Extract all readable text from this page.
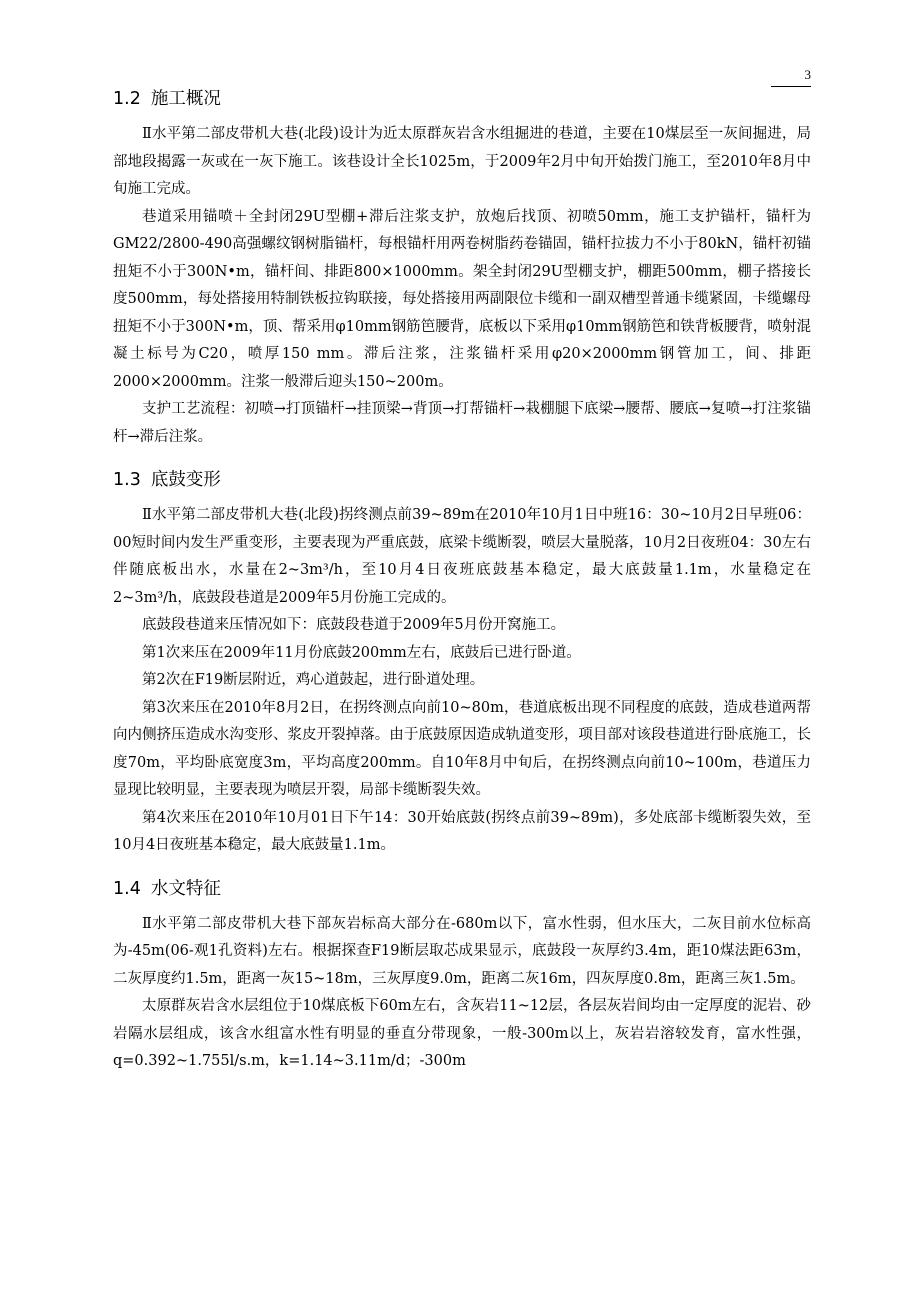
3
1.2 施工概况

Ⅱ水平第二部皮带机大巷(北段)设计为近太原群灰岩含水组掘进的巷道，主要在10煤层至一灰间掘进，局部地段揭露一灰或在一灰下施工。该巷设计全长1025m，于2009年2月中旬开始拨门施工，至2010年8月中旬施工完成。

巷道采用锚喷＋全封闭29U型棚+滞后注浆支护，放炮后找顶、初喷50mm，施工支护锚杆，锚杆为GM22/2800-490高强螺纹钢树脂锚杆，每根锚杆用两卷树脂药卷锚固，锚杆拉拔力不小于80kN，锚杆初锚扭矩不小于300N•m，锚杆间、排距800×1000mm。架全封闭29U型棚支护，棚距500mm，棚子搭接长度500mm，每处搭接用特制铁板拉钩联接，每处搭接用两副限位卡缆和一副双槽型普通卡缆紧固，卡缆螺母扭矩不小于300N•m，顶、帮采用φ10mm钢筋笆腰背，底板以下采用φ10mm钢筋笆和铁背板腰背，喷射混凝土标号为C20，喷厚150 mm。滞后注浆，注浆锚杆采用φ20×2000mm钢管加工，间、排距2000×2000mm。注浆一般滞后迎头150~200m。

支护工艺流程：初喷→打顶锚杆→挂顶梁→背顶→打帮锚杆→栽棚腿下底梁→腰帮、腰底→复喷→打注浆锚杆→滞后注浆。

1.3 底鼓变形

Ⅱ水平第二部皮带机大巷(北段)拐终测点前39~89m在2010年10月1日中班16：30~10月2日早班06：00短时间内发生严重变形，主要表现为严重底鼓，底梁卡缆断裂，喷层大量脱落，10月2日夜班04：30左右伴随底板出水，水量在2~3m³/h，至10月4日夜班底鼓基本稳定，最大底鼓量1.1m，水量稳定在2~3m³/h，底鼓段巷道是2009年5月份施工完成的。

底鼓段巷道来压情况如下：底鼓段巷道于2009年5月份开窝施工。

第1次来压在2009年11月份底鼓200mm左右，底鼓后已进行卧道。

第2次在F19断层附近，鸡心道鼓起，进行卧道处理。

第3次来压在2010年8月2日，在拐终测点向前10~80m，巷道底板出现不同程度的底鼓，造成巷道两帮向内侧挤压造成水沟变形、浆皮开裂掉落。由于底鼓原因造成轨道变形，项目部对该段巷道进行卧底施工，长度70m，平均卧底宽度3m，平均高度200mm。自10年8月中旬后，在拐终测点向前10~100m，巷道压力显现比较明显，主要表现为喷层开裂，局部卡缆断裂失效。

第4次来压在2010年10月01日下午14：30开始底鼓(拐终点前39~89m)，多处底部卡缆断裂失效，至10月4日夜班基本稳定，最大底鼓量1.1m。

1.4 水文特征

Ⅱ水平第二部皮带机大巷下部灰岩标高大部分在-680m以下，富水性弱，但水压大，二灰目前水位标高为-45m(06-观1孔资料)左右。根据探查F19断层取芯成果显示，底鼓段一灰厚约3.4m，距10煤法距63m，二灰厚度约1.5m，距离一灰15~18m，三灰厚度9.0m，距离二灰16m，四灰厚度0.8m，距离三灰1.5m。

太原群灰岩含水层组位于10煤底板下60m左右，含灰岩11~12层，各层灰岩间均由一定厚度的泥岩、砂岩隔水层组成，该含水组富水性有明显的垂直分带现象，一般-300m以上，灰岩岩溶较发育，富水性强，q=0.392~1.755l/s.m，k=1.14~3.11m/d；-300m
